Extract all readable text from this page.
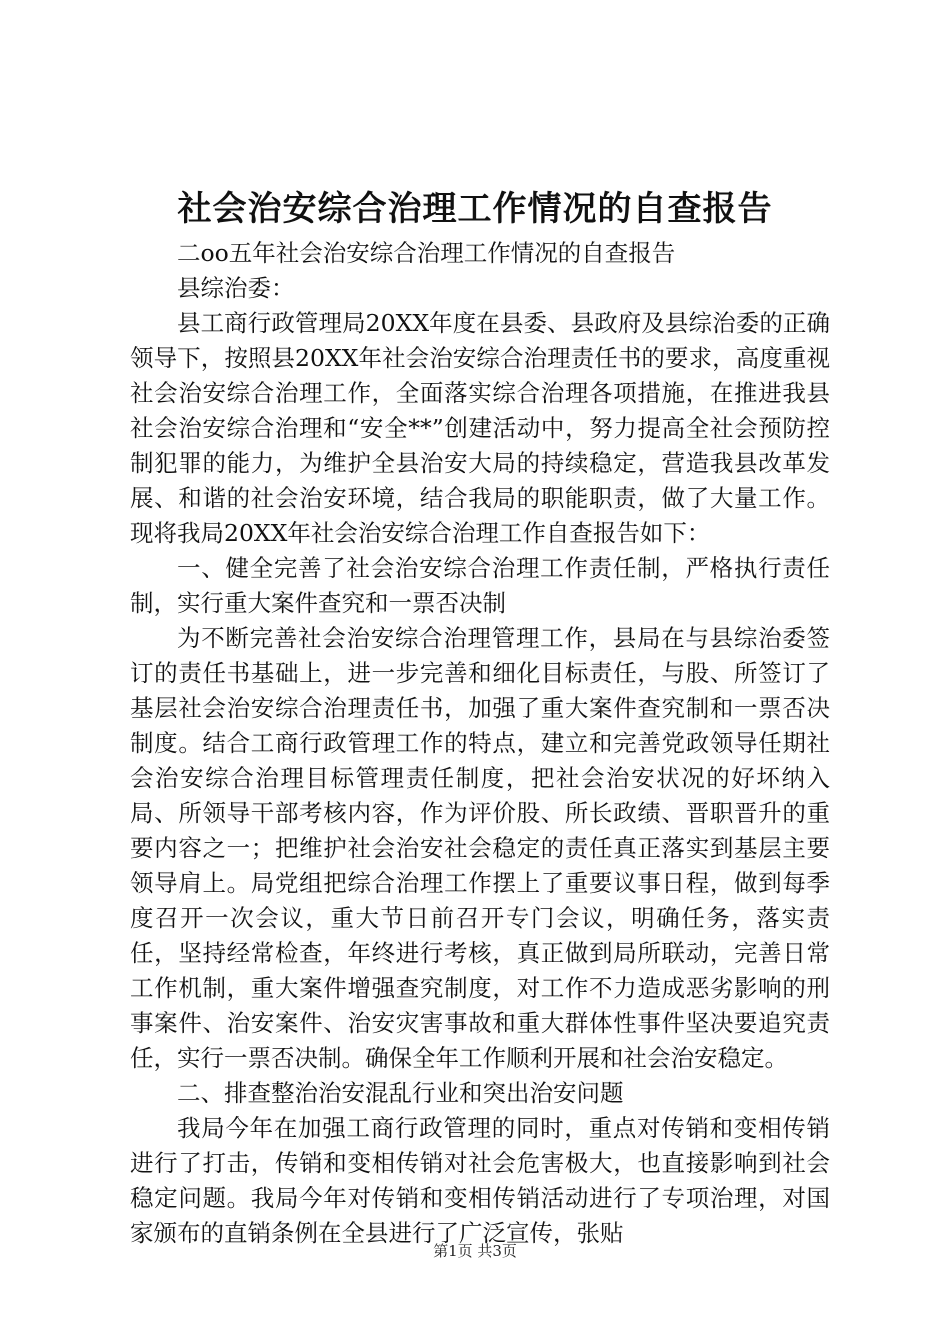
社会治安综合治理工作情况的自查报告

二oo五年社会治安综合治理工作情况的自查报告

县综治委：

县工商行政管理局20XX年度在县委、县政府及县综治委的正确领导下，按照县20XX年社会治安综合治理责任书的要求，高度重视社会治安综合治理工作，全面落实综合治理各项措施，在推进我县社会治安综合治理和“安全**”创建活动中，努力提高全社会预防控制犯罪的能力，为维护全县治安大局的持续稳定，营造我县改革发展、和谐的社会治安环境，结合我局的职能职责，做了大量工作。现将我局20XX年社会治安综合治理工作自查报告如下：

一、健全完善了社会治安综合治理工作责任制，严格执行责任制，实行重大案件查究和一票否决制

为不断完善社会治安综合治理管理工作，县局在与县综治委签订的责任书基础上，进一步完善和细化目标责任，与股、所签订了基层社会治安综合治理责任书，加强了重大案件查究制和一票否决制度。结合工商行政管理工作的特点，建立和完善党政领导任期社会治安综合治理目标管理责任制度，把社会治安状况的好坏纳入局、所领导干部考核内容，作为评价股、所长政绩、晋职晋升的重要内容之一；把维护社会治安社会稳定的责任真正落实到基层主要领导肩上。局党组把综合治理工作摆上了重要议事日程，做到每季度召开一次会议，重大节日前召开专门会议，明确任务，落实责任，坚持经常检查，年终进行考核，真正做到局所联动，完善日常工作机制，重大案件增强查究制度，对工作不力造成恶劣影响的刑事案件、治安案件、治安灾害事故和重大群体性事件坚决要追究责任，实行一票否决制。确保全年工作顺利开展和社会治安稳定。

二、排查整治治安混乱行业和突出治安问题

我局今年在加强工商行政管理的同时，重点对传销和变相传销进行了打击，传销和变相传销对社会危害极大，也直接影响到社会稳定问题。我局今年对传销和变相传销活动进行了专项治理，对国家颁布的直销条例在全县进行了广泛宣传，张贴

第1页 共3页
